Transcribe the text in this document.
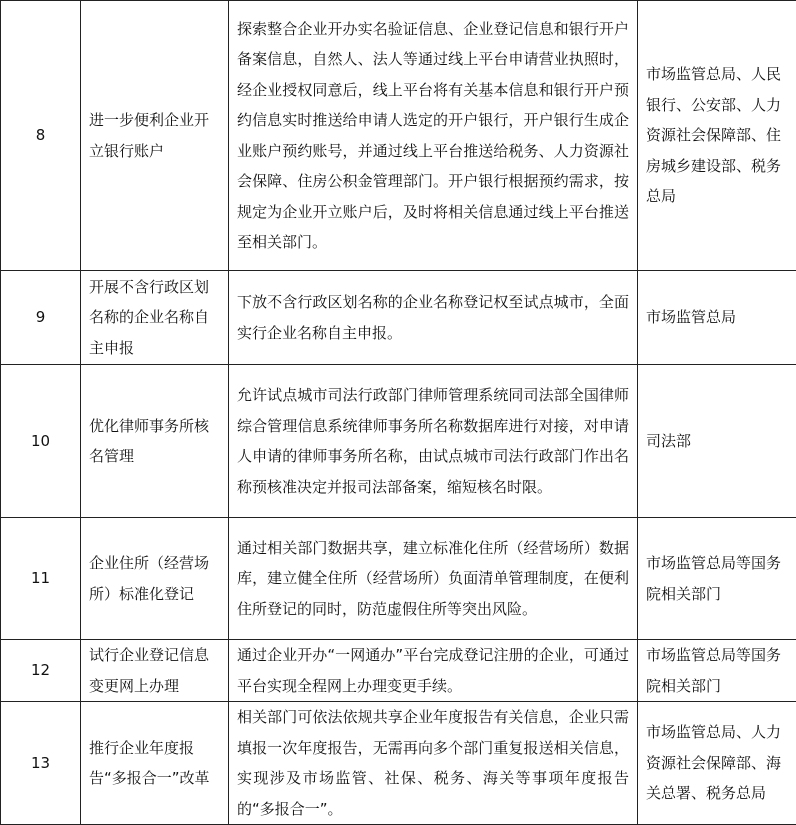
8	进一步便利企业开立银行账户	探索整合企业开办实名验证信息、企业登记信息和银行开户备案信息，自然人、法人等通过线上平台申请营业执照时，经企业授权同意后，线上平台将有关基本信息和银行开户预约信息实时推送给申请人选定的开户银行，开户银行生成企业账户预约账号，并通过线上平台推送给税务、人力资源社会保障、住房公积金管理部门。开户银行根据预约需求，按规定为企业开立账户后，及时将相关信息通过线上平台推送至相关部门。	市场监管总局、人民银行、公安部、人力资源社会保障部、住房城乡建设部、税务总局
9	开展不含行政区划名称的企业名称自主申报	下放不含行政区划名称的企业名称登记权至试点城市，全面实行企业名称自主申报。	市场监管总局
10	优化律师事务所核名管理	允许试点城市司法行政部门律师管理系统同司法部全国律师综合管理信息系统律师事务所名称数据库进行对接，对申请人申请的律师事务所名称，由试点城市司法行政部门作出名称预核准决定并报司法部备案，缩短核名时限。	司法部
11	企业住所（经营场所）标准化登记	通过相关部门数据共享，建立标准化住所（经营场所）数据库，建立健全住所（经营场所）负面清单管理制度，在便利住所登记的同时，防范虚假住所等突出风险。	市场监管总局等国务院相关部门
12	试行企业登记信息变更网上办理	通过企业开办“一网通办”平台完成登记注册的企业，可通过平台实现全程网上办理变更手续。	市场监管总局等国务院相关部门
13	推行企业年度报告“多报合一”改革	相关部门可依法依规共享企业年度报告有关信息，企业只需填报一次年度报告，无需再向多个部门重复报送相关信息，实现涉及市场监管、社保、税务、海关等事项年度报告的“多报合一”。	市场监管总局、人力资源社会保障部、海关总署、税务总局
